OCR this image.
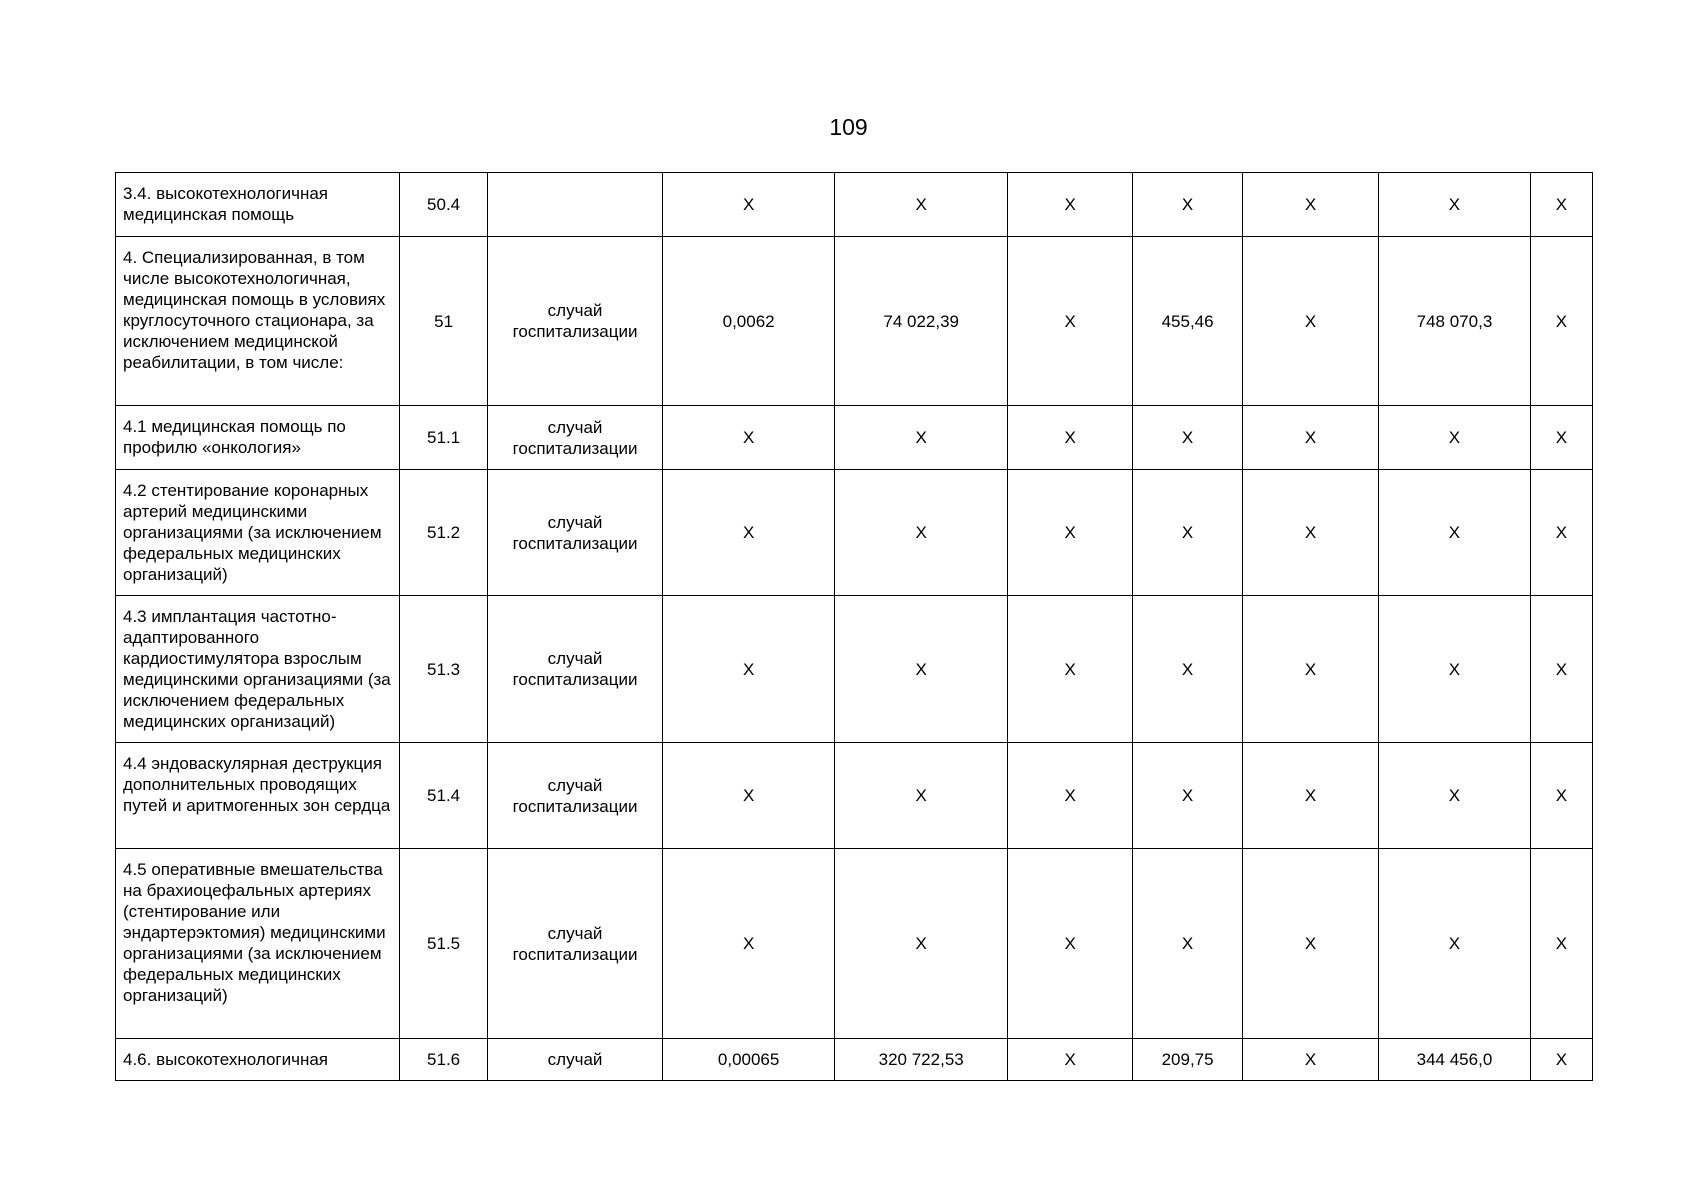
109
3.4. высокотехнологичная медицинская помощь	50.4		X	X	X	X	X	X	X
4. Специализированная, в том числе высокотехнологичная, медицинская помощь в условиях круглосуточного стационара, за исключением медицинской реабилитации, в том числе:	51	случай госпитализации	0,0062	74 022,39	X	455,46	X	748 070,3	X
4.1 медицинская помощь по профилю «онкология»	51.1	случай госпитализации	X	X	X	X	X	X	X
4.2 стентирование коронарных артерий медицинскими организациями (за исключением федеральных медицинских организаций)	51.2	случай госпитализации	X	X	X	X	X	X	X
4.3 имплантация частотно-адаптированного кардиостимулятора взрослым медицинскими организациями (за исключением федеральных медицинских организаций)	51.3	случай госпитализации	X	X	X	X	X	X	X
4.4 эндоваскулярная деструкция дополнительных проводящих путей и аритмогенных зон сердца	51.4	случай госпитализации	X	X	X	X	X	X	X
4.5 оперативные вмешательства на брахиоцефальных артериях (стентирование или эндартерэктомия) медицинскими организациями (за исключением федеральных медицинских организаций)	51.5	случай госпитализации	X	X	X	X	X	X	X
4.6. высокотехнологичная	51.6	случай	0,00065	320 722,53	X	209,75	X	344 456,0	X
